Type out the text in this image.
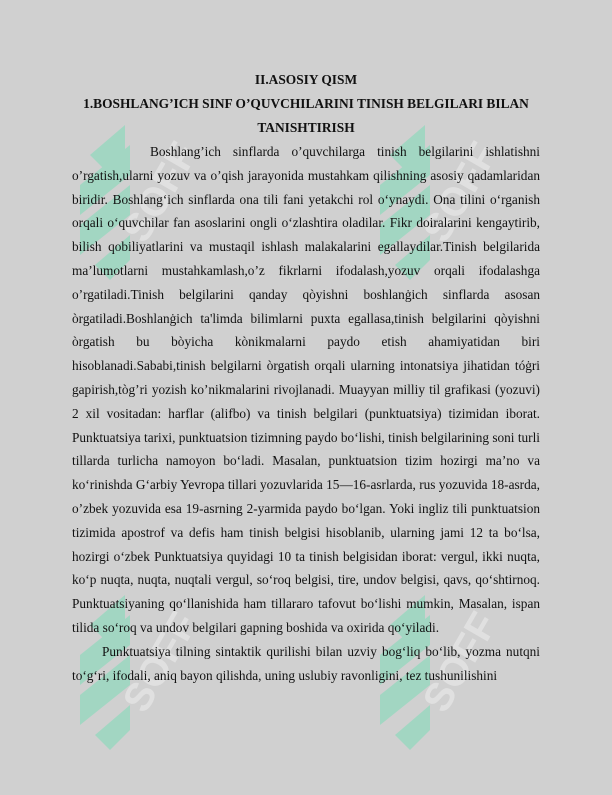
SOFF	SOFF
SOFF	SOFF

II.ASOSIY QISM

1.BOSHLANG’ICH SINF O’QUVCHILARINI TINISH BELGILARI BILAN TANISHTIRISH

Boshlang’ich sinflarda o’quvchilarga tinish belgilarini ishlatishni o’rgatish,ularni yozuv va o’qish jarayonida mustahkam qilishning asosiy qadamlaridan biridir. Boshlang‘ich sinflarda ona tili fani yetakchi rol o‘ynaydi. Ona tilini o‘rganish orqali o‘quvchilar fan asoslarini ongli o‘zlashtira oladilar. Fikr doiralarini kengaytirib, bilish qobiliyatlarini va mustaqil ishlash malakalarini egallaydilar.Tinish belgilarida ma’lumotlarni mustahkamlash,o’z fikrlarni ifodalash,yozuv orqali ifodalashga o’rgatiladi.Tinish belgilarini qanday qòyishni boshlanġich sinflarda asosan òrgatiladi.Boshlanġich ta'limda bilimlarni puxta egallasa,tinish belgilarini qòyishni òrgatish bu bòyicha kònikmalarni paydo etish ahamiyatidan biri hisoblanadi.Sababi,tinish belgilarni òrgatish orqali ularning intonatsiya jihatidan tóġri gapirish,tòg’ri yozish ko’nikmalarini rivojlanadi. Muayyan milliy til grafikasi (yozuvi) 2 xil vositadan: harflar (alifbo) va tinish belgilari (punktuatsiya) tizimidan iborat. Punktuatsiya tarixi, punktuatsion tizimning paydo bo‘lishi, tinish belgilarining soni turli tillarda turlicha namoyon bo‘ladi. Masalan, punktuatsion tizim hozirgi ma’no va ko‘rinishda G‘arbiy Yevropa tillari yozuvlarida 15—16-asrlarda, rus yozuvida 18-asrda, o’zbek yozuvida esa 19-asrning 2-yarmida paydo bo‘lgan. Yoki ingliz tili punktuatsion tizimida apostrof va defis ham tinish belgisi hisoblanib, ularning jami 12 ta bo‘lsa, hozirgi o‘zbek Punktuatsiya quyidagi 10 ta tinish belgisidan iborat: vergul, ikki nuqta, ko‘p nuqta, nuqta, nuqtali vergul, so‘roq belgisi, tire, undov belgisi, qavs, qo‘shtirnoq. Punktuatsiyaning qo‘llanishida ham tillararo tafovut bo‘lishi mumkin, Masalan, ispan tilida so‘roq va undov belgilari gapning boshida va oxirida qo‘yiladi.

Punktuatsiya tilning sintaktik qurilishi bilan uzviy bog‘liq bo‘lib, yozma nutqni to‘g‘ri, ifodali, aniq bayon qilishda, uning uslubiy ravonligini, tez tushunilishini
